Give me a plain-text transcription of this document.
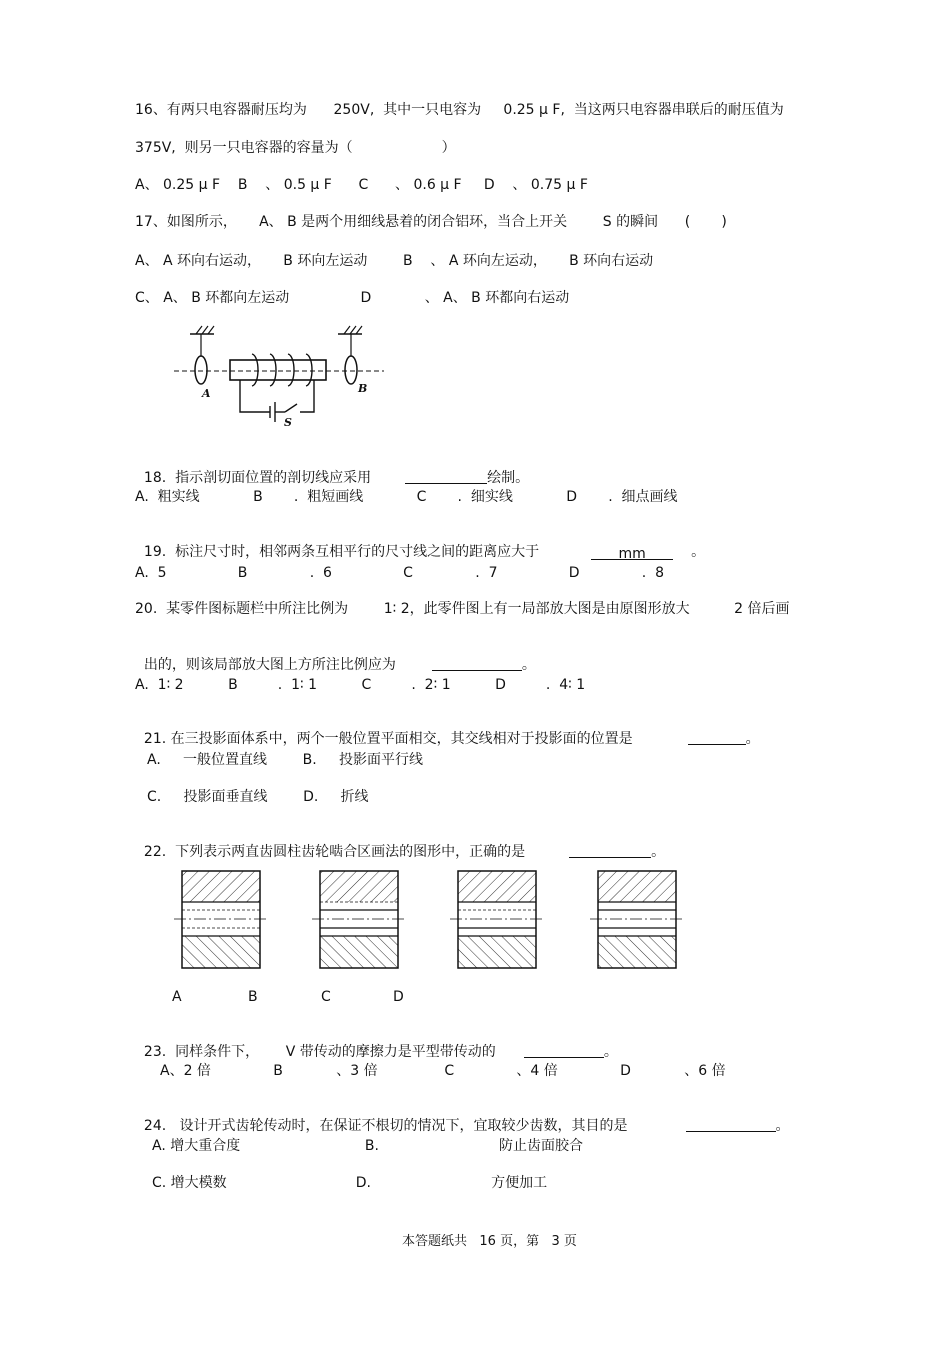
16、有两只电容器耐压均为      250V,  其中一只电容为     0.25 μ F,  当这两只电容器串联后的耐压值为
375V,  则另一只电容器的容量为（                    ）
A、 0.25 μ F    B    、 0.5 μ F      C      、 0.6 μ F     D    、 0.75 μ F
17、如图所示，     A、 B 是两个用细线悬着的闭合铝环，当合上开关        S 的瞬间      (       )
A、 A 环向右运动，     B 环向左运动        B    、 A 环向左运动，     B 环向右运动
C、 A、 B 环都向左运动                D            、 A、 B 环都向右运动
A	B
S

18.  指示剖切面位置的剖切线应采用	绘制。

A.  粗实线            B       .  粗短画线            C       .  细实线            D       .  细点画线

19.  标注尺寸时，相邻两条互相平行的尺寸线之间的距离应大于	mm	。

A.  5                B              .  6                C              .  7                D              .  8
20.  某零件图标题栏中所注比例为        1∶ 2，此零件图上有一局部放大图是由原图形放大          2 倍后画

出的，则该局部放大图上方所注比例应为	。

A.  1∶ 2          B         .  1∶ 1          C         .  2∶ 1          D         .  4∶ 1

21. 在三投影面体系中，两个一般位置平面相交，其交线相对于投影面的位置是	。

A.     一般位置直线        B.     投影面平行线
C.     投影面垂直线        D.     折线

22.  下列表示两直齿圆柱齿轮啮合区画法的图形中，正确的是	。

A	B	C	D

23.  同样条件下，      V 带传动的摩擦力是平型带传动的	。

A、2 倍              B            、3 倍               C              、4 倍              D            、6 倍

24.   设计开式齿轮传动时，在保证不根切的情况下，宜取较少齿数，其目的是	。

A. 增大重合度                            B.                           防止齿面胶合
C. 增大模数                             D.                           方便加工
本答题纸共   16 页，第   3 页
